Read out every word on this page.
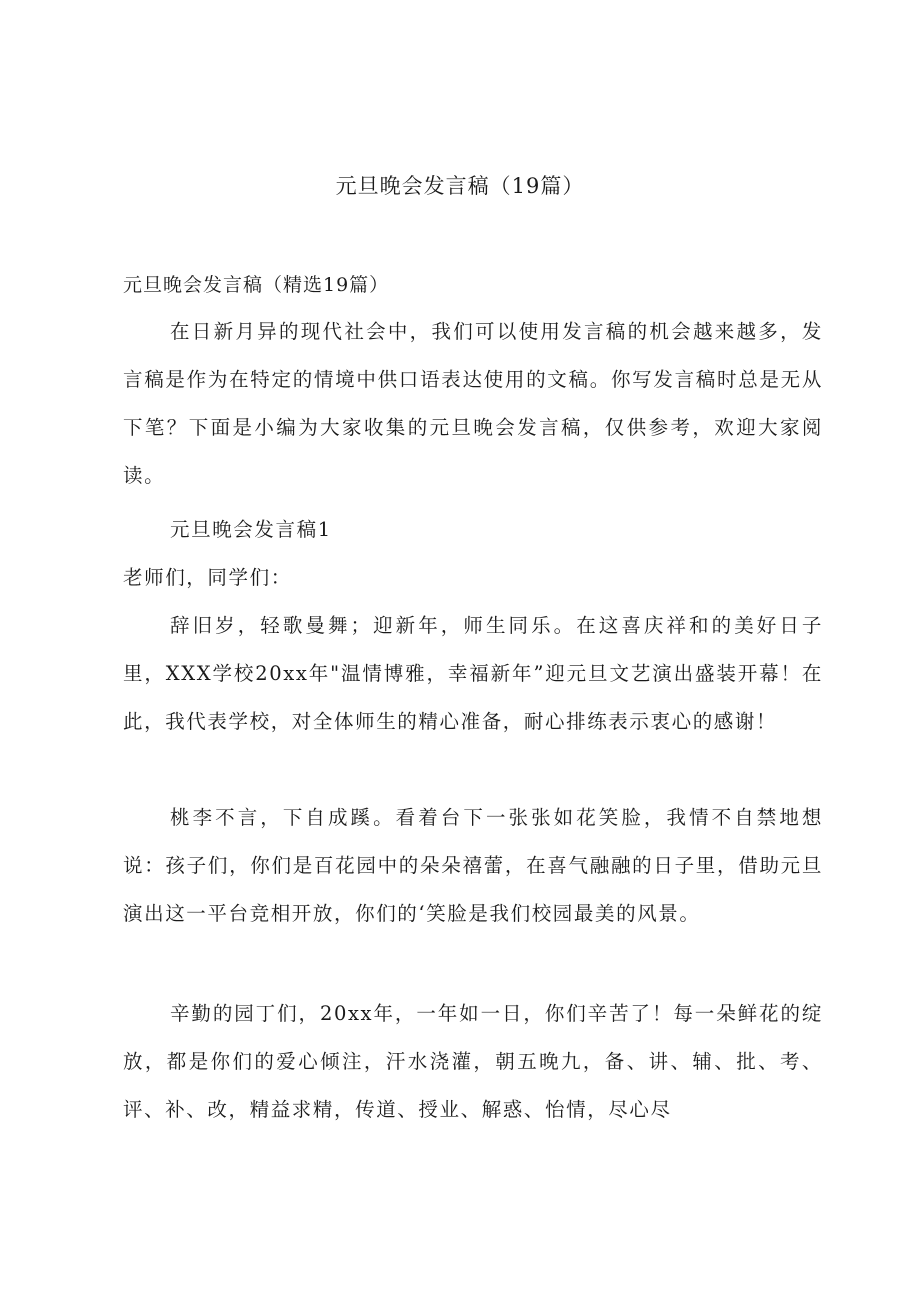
元旦晚会发言稿（19篇）
元旦晚会发言稿（精选19篇）

在日新月异的现代社会中，我们可以使用发言稿的机会越来越多，发言稿是作为在特定的情境中供口语表达使用的文稿。你写发言稿时总是无从下笔？下面是小编为大家收集的元旦晚会发言稿，仅供参考，欢迎大家阅读。

元旦晚会发言稿1

老师们，同学们：

辞旧岁，轻歌曼舞；迎新年，师生同乐。在这喜庆祥和的美好日子里，XXX学校20xx年"温情博雅，幸福新年”迎元旦文艺演出盛装开幕！在此，我代表学校，对全体师生的精心准备，耐心排练表示衷心的感谢！

桃李不言，下自成蹊。看着台下一张张如花笑脸，我情不自禁地想说：孩子们，你们是百花园中的朵朵禧蕾，在喜气融融的日子里，借助元旦演出这一平台竞相开放，你们的‘笑脸是我们校园最美的风景。

辛勤的园丁们，20xx年，一年如一日，你们辛苦了！每一朵鲜花的绽放，都是你们的爱心倾注，汗水浇灌，朝五晚九，备、讲、辅、批、考、评、补、改，精益求精，传道、授业、解惑、怡情，尽心尽
